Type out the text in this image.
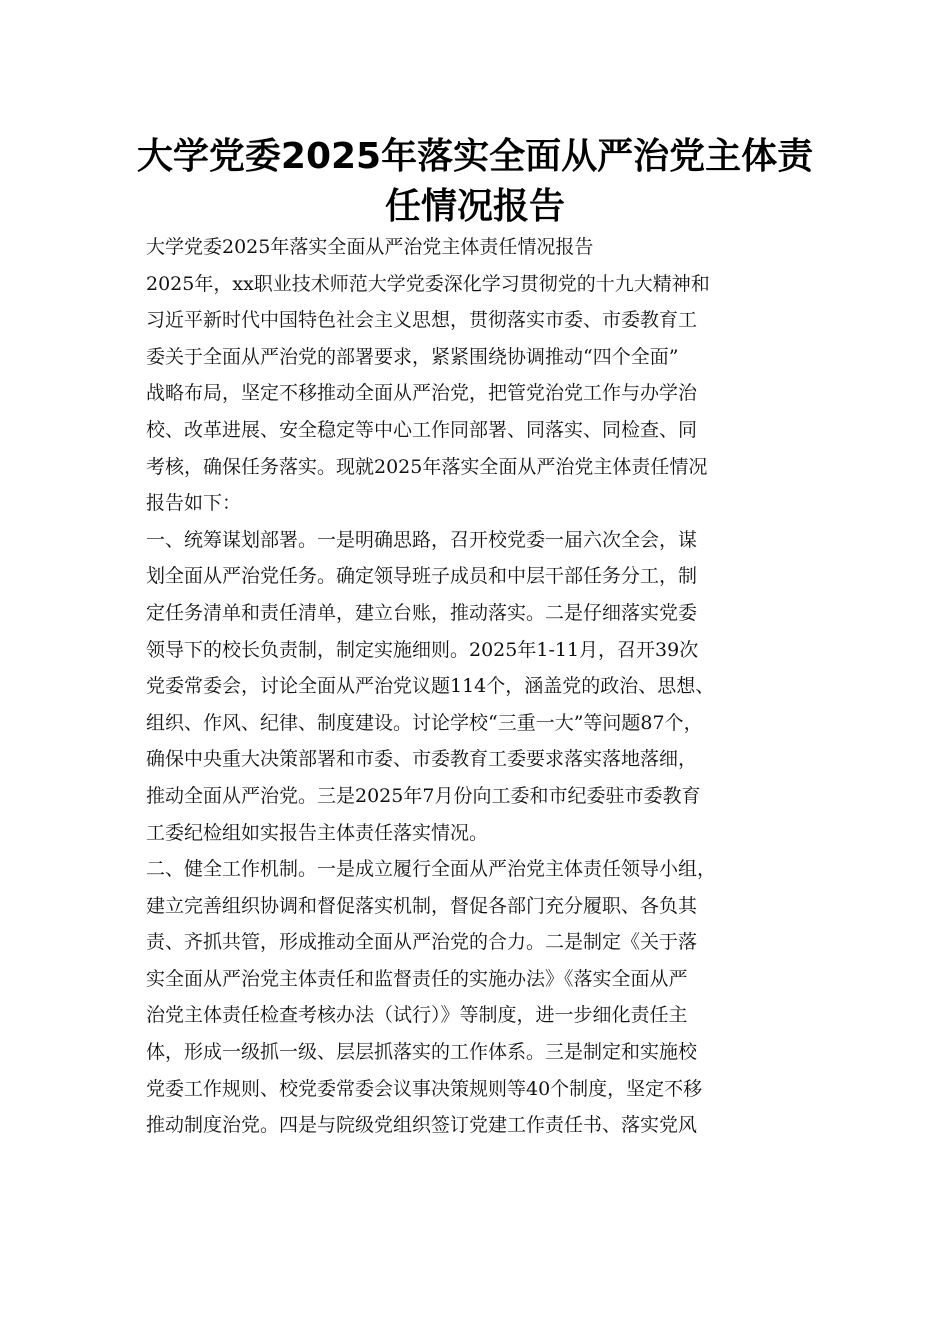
大学党委2025年落实全面从严治党主体责
任情况报告
大学党委2025年落实全面从严治党主体责任情况报告
2025年，xx职业技术师范大学党委深化学习贯彻党的十九大精神和
习近平新时代中国特色社会主义思想，贯彻落实市委、市委教育工
委关于全面从严治党的部署要求，紧紧围绕协调推动“四个全面”
战略布局，坚定不移推动全面从严治党，把管党治党工作与办学治
校、改革进展、安全稳定等中心工作同部署、同落实、同检查、同
考核，确保任务落实。现就2025年落实全面从严治党主体责任情况
报告如下：
一、统筹谋划部署。一是明确思路，召开校党委一届六次全会，谋
划全面从严治党任务。确定领导班子成员和中层干部任务分工，制
定任务清单和责任清单，建立台账，推动落实。二是仔细落实党委
领导下的校长负责制，制定实施细则。2025年1-11月，召开39次
党委常委会，讨论全面从严治党议题114个，涵盖党的政治、思想、
组织、作风、纪律、制度建设。讨论学校“三重一大”等问题87个，
确保中央重大决策部署和市委、市委教育工委要求落实落地落细，
推动全面从严治党。三是2025年7月份向工委和市纪委驻市委教育
工委纪检组如实报告主体责任落实情况。
二、健全工作机制。一是成立履行全面从严治党主体责任领导小组，
建立完善组织协调和督促落实机制，督促各部门充分履职、各负其
责、齐抓共管，形成推动全面从严治党的合力。二是制定《关于落
实全面从严治党主体责任和监督责任的实施办法》《落实全面从严
治党主体责任检查考核办法（试行）》等制度，进一步细化责任主
体，形成一级抓一级、层层抓落实的工作体系。三是制定和实施校
党委工作规则、校党委常委会议事决策规则等40个制度，坚定不移
推动制度治党。四是与院级党组织签订党建工作责任书、落实党风
